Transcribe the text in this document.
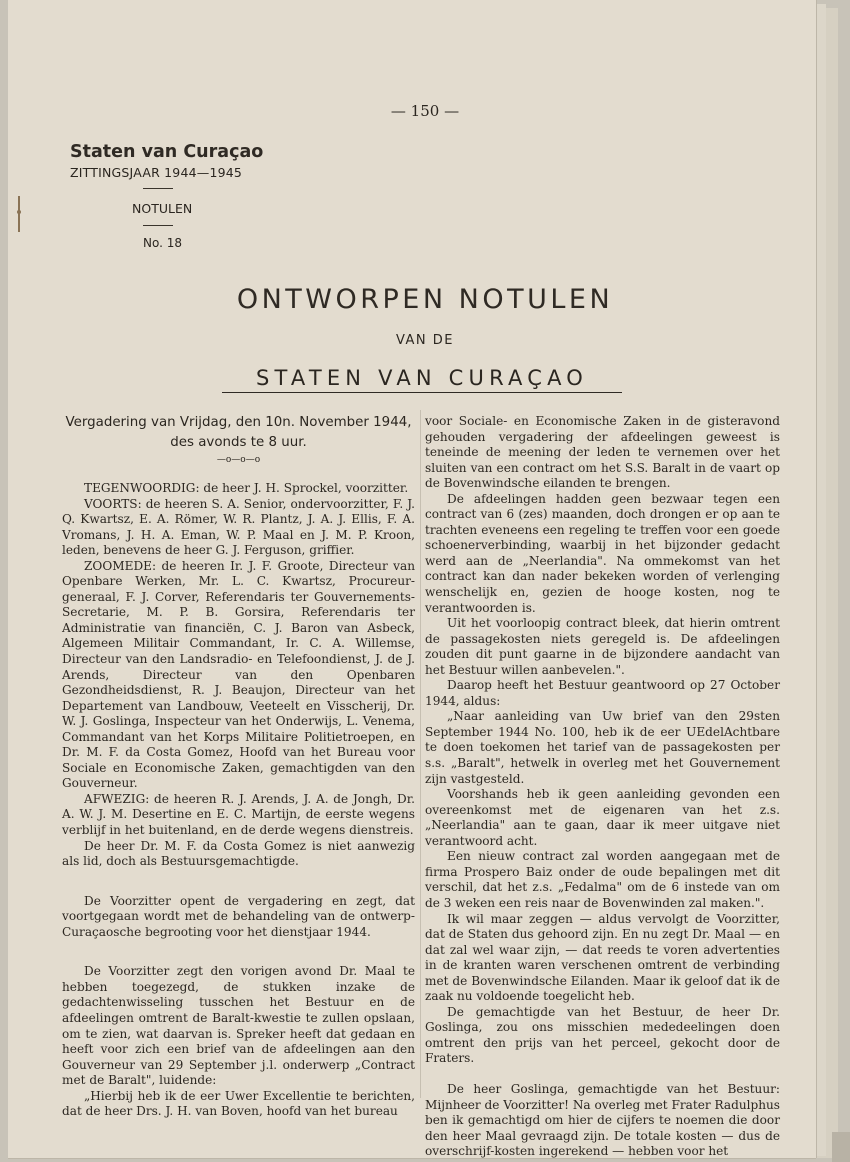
— 150 —
Staten van Curaçao
ZITTINGSJAAR 1944—1945
NOTULEN
No. 18
ONTWORPEN NOTULEN
VAN DE
STATEN VAN CURAÇAO
Vergadering van Vrijdag, den 10n. November 1944,
des avonds te 8 uur.
—o—o—o

TEGENWOORDIG: de heer J. H. Sprockel, voorzitter.

VOORTS: de heeren S. A. Senior, ondervoorzitter, F. J. Q. Kwartsz, E. A. Römer, W. R. Plantz, J. A. J. Ellis, F. A. Vromans, J. H. A. Eman, W. P. Maal en J. M. P. Kroon, leden, benevens de heer G. J. Ferguson, griffier.

ZOOMEDE: de heeren Ir. J. F. Groote, Directeur van Openbare Werken, Mr. L. C. Kwartsz, Procureur-generaal, F. J. Corver, Referendaris ter Gouvernements-Secretarie, M. P. B. Gorsira, Referendaris ter Administratie van financiën, C. J. Baron van Asbeck, Algemeen Militair Commandant, Ir. C. A. Willemse, Directeur van den Landsradio- en Telefoondienst, J. de J. Arends, Directeur van den Openbaren Gezondheidsdienst, R. J. Beaujon, Directeur van het Departement van Landbouw, Veeteelt en Visscherij, Dr. W. J. Goslinga, Inspecteur van het Onderwijs, L. Venema, Commandant van het Korps Militaire Politietroepen, en Dr. M. F. da Costa Gomez, Hoofd van het Bureau voor Sociale en Economische Zaken, gemachtigden van den Gouverneur.

AFWEZIG: de heeren R. J. Arends, J. A. de Jongh, Dr. A. W. J. M. Desertine en E. C. Martijn, de eerste wegens verblijf in het buitenland, en de derde wegens dienstreis.

De heer Dr. M. F. da Costa Gomez is niet aanwezig als lid, doch als Bestuursgemachtigde.

De Voorzitter opent de vergadering en zegt, dat voortgegaan wordt met de behandeling van de ontwerp-Curaçaosche begrooting voor het dienstjaar 1944.

De Voorzitter zegt den vorigen avond Dr. Maal te hebben toegezegd, de stukken inzake de gedachtenwisseling tusschen het Bestuur en de afdeelingen omtrent de Baralt-kwestie te zullen opslaan, om te zien, wat daarvan is. Spreker heeft dat gedaan en heeft voor zich een brief van de afdeelingen aan den Gouverneur van 29 September j.l. onderwerp „Contract met de Baralt", luidende:

„Hierbij heb ik de eer Uwer Excellentie te berichten, dat de heer Drs. J. H. van Boven, hoofd van het bureau

voor Sociale- en Economische Zaken in de gisteravond gehouden vergadering der afdeelingen geweest is teneinde de meening der leden te vernemen over het sluiten van een contract om het S.S. Baralt in de vaart op de Bovenwindsche eilanden te brengen.

De afdeelingen hadden geen bezwaar tegen een contract van 6 (zes) maanden, doch drongen er op aan te trachten eveneens een regeling te treffen voor een goede schoenerverbinding, waarbij in het bijzonder gedacht werd aan de „Neerlandia". Na ommekomst van het contract kan dan nader bekeken worden of verlenging wenschelijk en, gezien de hooge kosten, nog te verantwoorden is.

Uit het voorloopig contract bleek, dat hierin omtrent de passagekosten niets geregeld is. De afdeelingen zouden dit punt gaarne in de bijzondere aandacht van het Bestuur willen aanbevelen.".

Daarop heeft het Bestuur geantwoord op 27 October 1944, aldus:

„Naar aanleiding van Uw brief van den 29sten September 1944 No. 100, heb ik de eer UEdelAchtbare te doen toekomen het tarief van de passagekosten per s.s. „Baralt", hetwelk in overleg met het Gouvernement zijn vastgesteld.

Voorshands heb ik geen aanleiding gevonden een overeenkomst met de eigenaren van het z.s. „Neerlandia" aan te gaan, daar ik meer uitgave niet verantwoord acht.

Een nieuw contract zal worden aangegaan met de firma Prospero Baiz onder de oude bepalingen met dit verschil, dat het z.s. „Fedalma" om de 6 instede van om de 3 weken een reis naar de Bovenwinden zal maken.".

Ik wil maar zeggen — aldus vervolgt de Voorzitter, dat de Staten dus gehoord zijn. En nu zegt Dr. Maal — en dat zal wel waar zijn, — dat reeds te voren advertenties in de kranten waren verschenen omtrent de verbinding met de Bovenwindsche Eilanden. Maar ik geloof dat ik de zaak nu voldoende toegelicht heb.

De gemachtigde van het Bestuur, de heer Dr. Goslinga, zou ons misschien mededeelingen doen omtrent den prijs van het perceel, gekocht door de Fraters.

De heer Goslinga, gemachtigde van het Bestuur: Mijnheer de Voorzitter! Na overleg met Frater Radulphus ben ik gemachtigd om hier de cijfers te noemen die door den heer Maal gevraagd zijn. De totale kosten — dus de overschrijf-kosten ingerekend — hebben voor het
